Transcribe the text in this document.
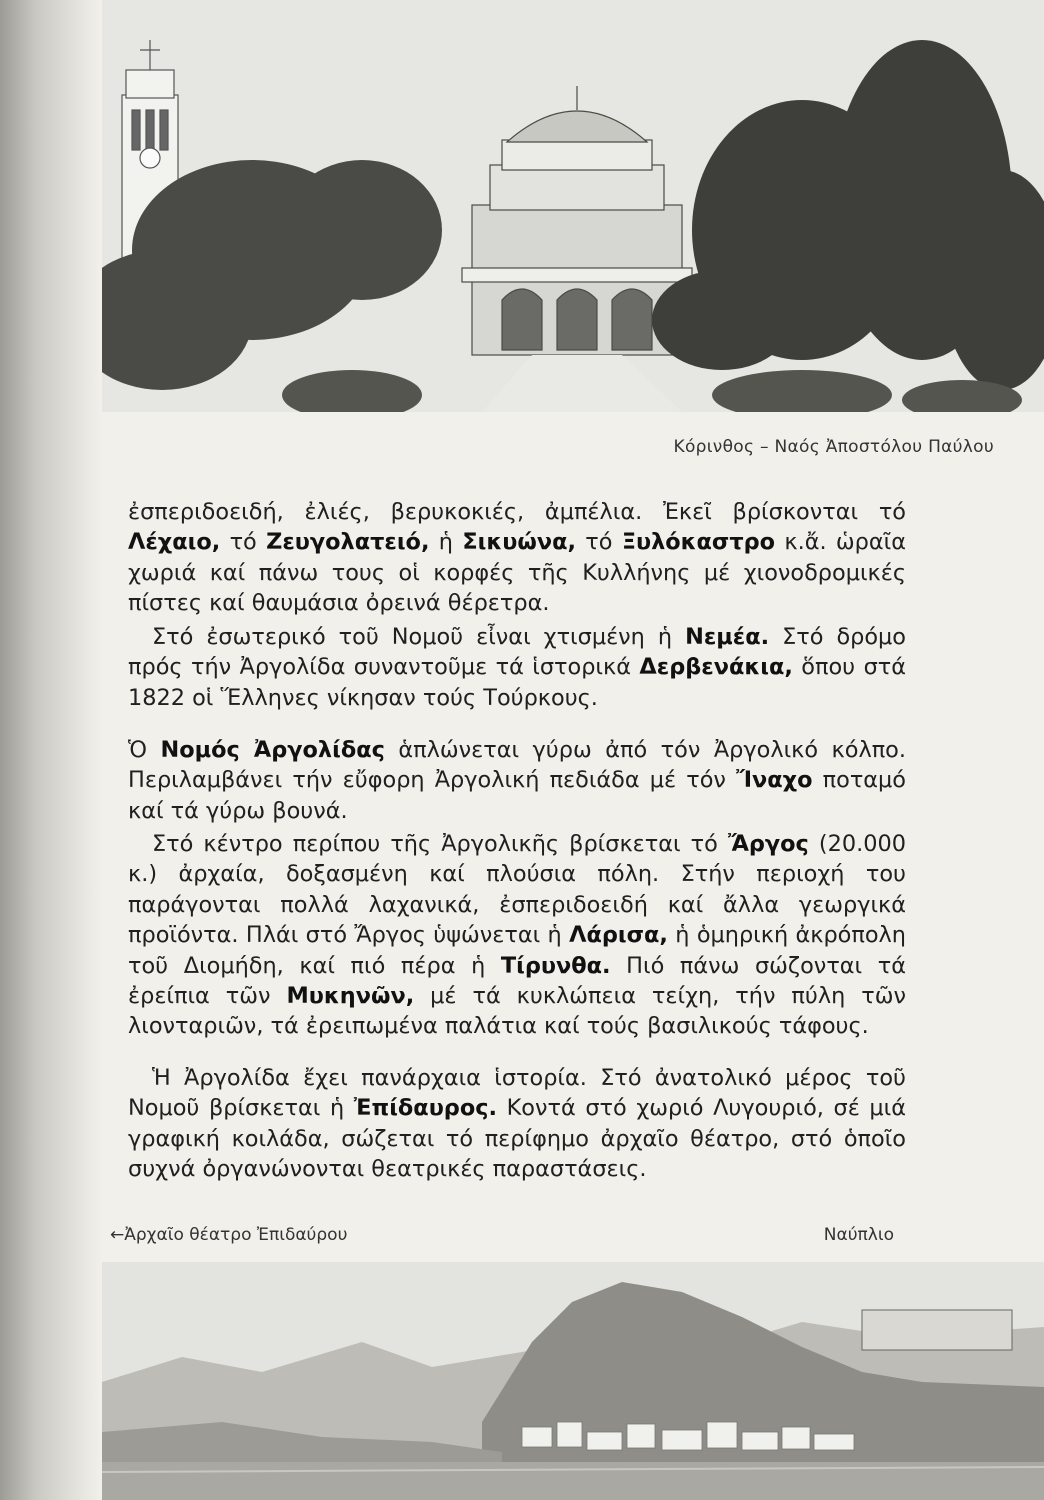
Κόρινθος – Ναός Ἀποστόλου Παύλου

ἐσπεριδοειδή, ἐλιές, βερυκοκιές, ἀμπέλια. Ἐκεῖ βρίσκονται τό Λέχαιο, τό Ζευγολατειό, ἡ Σικυώνα, τό Ξυλόκαστρο κ.ἄ. ὡραῖα χωριά καί πάνω τους οἱ κορφές τῆς Κυλλήνης μέ χιονοδρομικές πίστες καί θαυμάσια ὀρεινά θέρετρα.

Στό ἐσωτερικό τοῦ Νομοῦ εἶναι χτισμένη ἡ Νεμέα. Στό δρόμο πρός τήν Ἀργολίδα συναντοῦμε τά ἱστορικά Δερβενάκια, ὅπου στά 1822 οἱ Ἕλληνες νίκησαν τούς Τούρκους.

Ὁ Νομός Ἀργολίδας ἁπλώνεται γύρω ἀπό τόν Ἀργολικό κόλπο. Περιλαμβάνει τήν εὔφορη Ἀργολική πεδιάδα μέ τόν Ἴναχο ποταμό καί τά γύρω βουνά.

Στό κέντρο περίπου τῆς Ἀργολικῆς βρίσκεται τό Ἄργος (20.000 κ.) ἀρχαία, δοξασμένη καί πλούσια πόλη. Στήν περιοχή του παράγονται πολλά λαχανικά, ἐσπεριδοειδή καί ἄλλα γεωργικά προϊόντα. Πλάι στό Ἄργος ὑψώνεται ἡ Λάρισα, ἡ ὁμηρική ἀκρόπολη τοῦ Διομήδη, καί πιό πέρα ἡ Τίρυνθα. Πιό πάνω σώζονται τά ἐρείπια τῶν Μυκηνῶν, μέ τά κυκλώπεια τείχη, τήν πύλη τῶν λιονταριῶν, τά ἐρειπωμένα παλάτια καί τούς βασιλικούς τάφους.

Ἡ Ἀργολίδα ἔχει πανάρχαια ἱστορία. Στό ἀνατολικό μέρος τοῦ Νομοῦ βρίσκεται ἡ Ἐπίδαυρος. Κοντά στό χωριό Λυγουριό, σέ μιά γραφική κοιλάδα, σώζεται τό περίφημο ἀρχαῖο θέατρο, στό ὁποῖο συχνά ὀργανώνονται θεατρικές παραστάσεις.

←Ἀρχαῖο θέατρο Ἐπιδαύρου	Ναύπλιο
